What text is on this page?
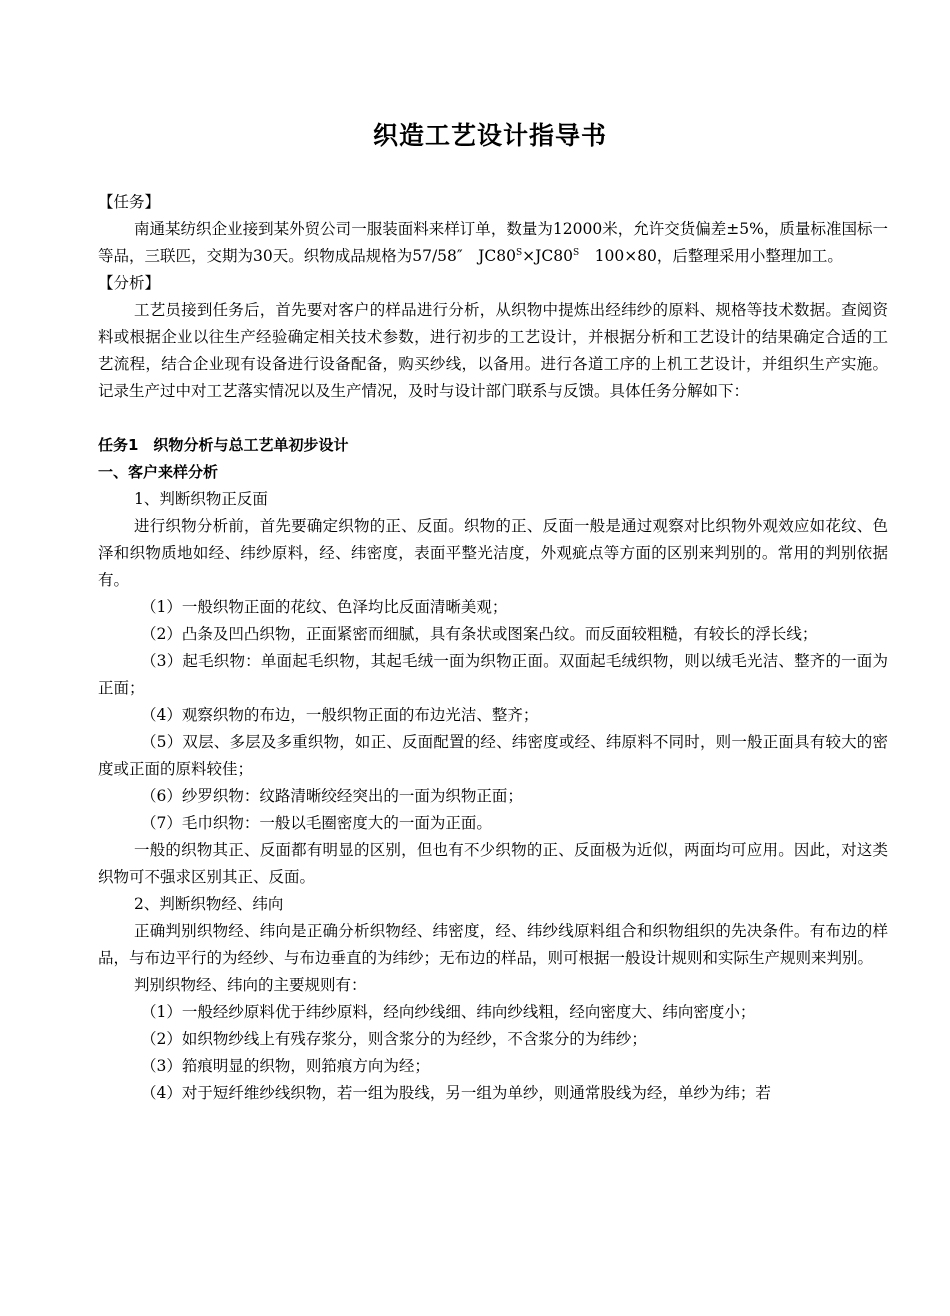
织造工艺设计指导书

【任务】

南通某纺织企业接到某外贸公司一服装面料来样订单，数量为12000米，允许交货偏差±5%，质量标准国标一等品，三联匹，交期为30天。织物成品规格为57/58″　$JC80^S\times JC80^S$　100×80，后整理采用小整理加工。

【分析】

工艺员接到任务后，首先要对客户的样品进行分析，从织物中提炼出经纬纱的原料、规格等技术数据。查阅资料或根据企业以往生产经验确定相关技术参数，进行初步的工艺设计，并根据分析和工艺设计的结果确定合适的工艺流程，结合企业现有设备进行设备配备，购买纱线，以备用。进行各道工序的上机工艺设计，并组织生产实施。记录生产过中对工艺落实情况以及生产情况，及时与设计部门联系与反馈。具体任务分解如下：

任务1　织物分析与总工艺单初步设计

一、客户来样分析

1、判断织物正反面

进行织物分析前，首先要确定织物的正、反面。织物的正、反面一般是通过观察对比织物外观效应如花纹、色泽和织物质地如经、纬纱原料，经、纬密度，表面平整光洁度，外观疵点等方面的区别来判别的。常用的判别依据有。

（1）一般织物正面的花纹、色泽均比反面清晰美观；

（2）凸条及凹凸织物，正面紧密而细腻，具有条状或图案凸纹。而反面较粗糙，有较长的浮长线；

（3）起毛织物：单面起毛织物，其起毛绒一面为织物正面。双面起毛绒织物，则以绒毛光洁、整齐的一面为正面；

（4）观察织物的布边，一般织物正面的布边光洁、整齐；

（5）双层、多层及多重织物，如正、反面配置的经、纬密度或经、纬原料不同时，则一般正面具有较大的密度或正面的原料较佳；

（6）纱罗织物：纹路清晰绞经突出的一面为织物正面；

（7）毛巾织物：一般以毛圈密度大的一面为正面。

一般的织物其正、反面都有明显的区别，但也有不少织物的正、反面极为近似，两面均可应用。因此，对这类织物可不强求区别其正、反面。

2、判断织物经、纬向

正确判别织物经、纬向是正确分析织物经、纬密度，经、纬纱线原料组合和织物组织的先决条件。有布边的样品，与布边平行的为经纱、与布边垂直的为纬纱；无布边的样品，则可根据一般设计规则和实际生产规则来判别。

判别织物经、纬向的主要规则有：

（1）一般经纱原料优于纬纱原料，经向纱线细、纬向纱线粗，经向密度大、纬向密度小；

（2）如织物纱线上有残存浆分，则含浆分的为经纱，不含浆分的为纬纱；

（3）筘痕明显的织物，则筘痕方向为经；

（4）对于短纤维纱线织物，若一组为股线，另一组为单纱，则通常股线为经，单纱为纬；若
